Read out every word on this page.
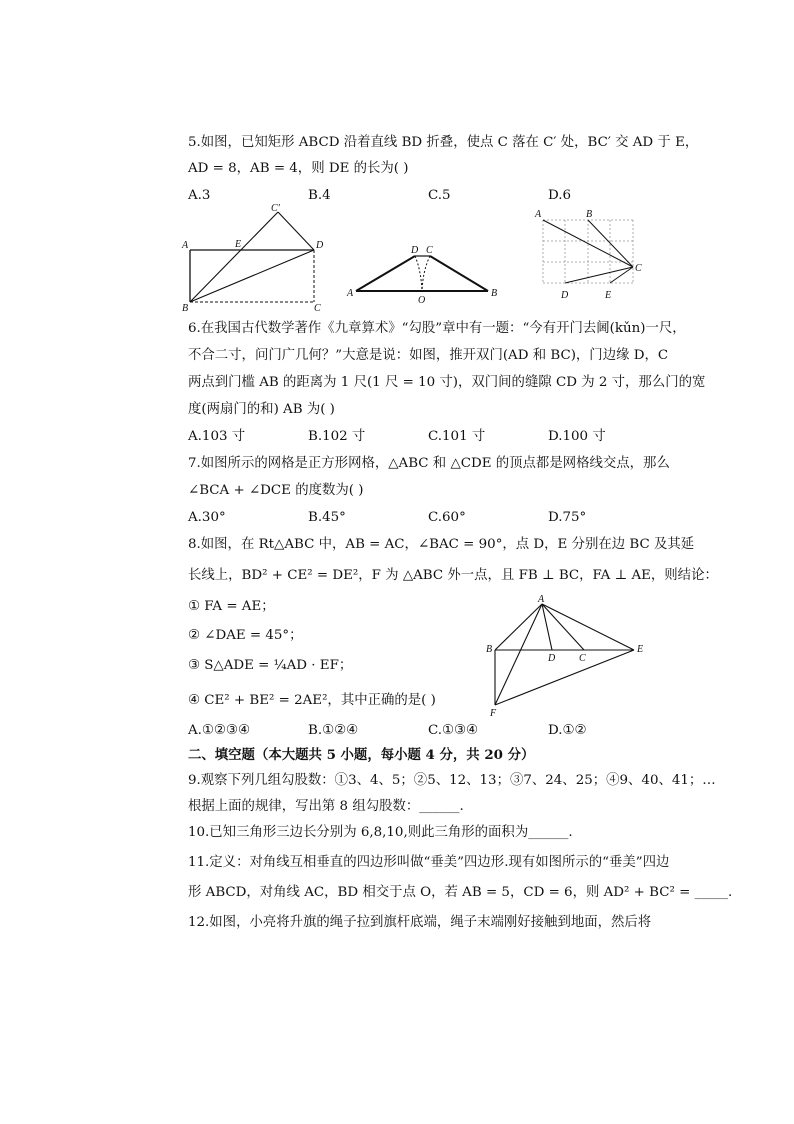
5.如图，已知矩形 ABCD 沿着直线 BD 折叠，使点 C 落在 C′ 处，BC′ 交 AD 于 E，
AD = 8，AB = 4，则 DE 的长为( )
A.3	B.4	C.5	D.6
C′
A	E	D
B	C
D C
A
O
B
A	B
C
D	E
6.在我国古代数学著作《九章算术》“勾股”章中有一题：“今有开门去阃(kǔn)一尺，
不合二寸，问门广几何？”大意是说：如图，推开双门(AD 和 BC)，门边缘 D，C
两点到门槛 AB 的距离为 1 尺(1 尺 = 10 寸)，双门间的缝隙 CD 为 2 寸，那么门的宽
度(两扇门的和) AB 为( )
A.103 寸	B.102 寸	C.101 寸	D.100 寸
7.如图所示的网格是正方形网格，△ABC 和 △CDE 的顶点都是网格线交点，那么
∠BCA + ∠DCE 的度数为( )
A.30°	B.45°	C.60°	D.75°
8.如图，在 Rt△ABC 中，AB = AC，∠BAC = 90°，点 D，E 分别在边 BC 及其延
长线上，BD² + CE² = DE²，F 为 △ABC 外一点，且 FB ⊥ BC，FA ⊥ AE，则结论：
① FA = AE；
② ∠DAE = 45°；
③ S△ADE = ¼AD · EF；
④ CE² + BE² = 2AE²，其中正确的是( )
A.①②③④	B.①②④	C.①③④	D.①②
A
B
D C
E
F
二、填空题（本大题共 5 小题，每小题 4 分，共 20 分）
9.观察下列几组勾股数：①3、4、5；②5、12、13；③7、24、25；④9、40、41；…
根据上面的规律，写出第 8 组勾股数：______.
10.已知三角形三边长分别为 6,8,10,则此三角形的面积为______.
11.定义：对角线互相垂直的四边形叫做“垂美”四边形.现有如图所示的“垂美”四边
形 ABCD，对角线 AC，BD 相交于点 O，若 AB = 5，CD = 6，则 AD² + BC² = _____.
12.如图，小亮将升旗的绳子拉到旗杆底端，绳子末端刚好接触到地面，然后将
